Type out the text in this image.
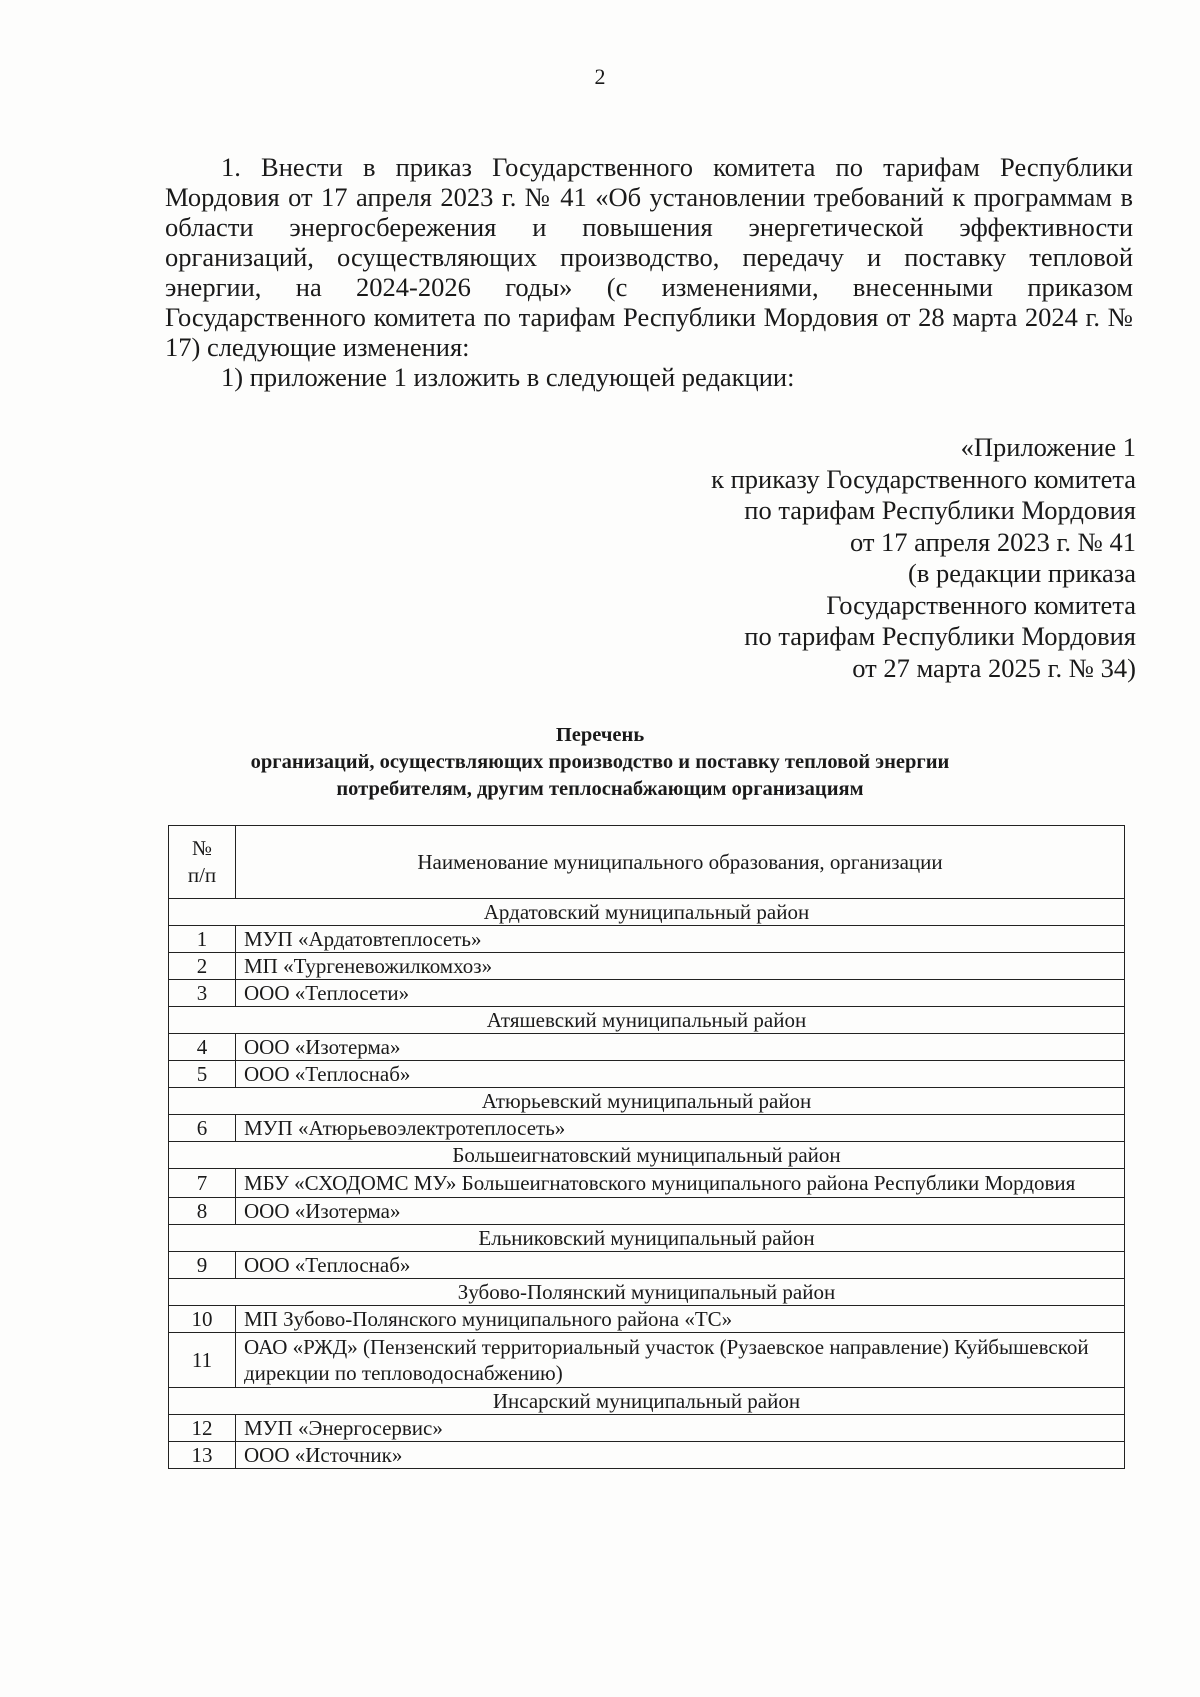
2

1. Внести в приказ Государственного комитета по тарифам Республики Мордовия от 17 апреля 2023 г. № 41 «Об установлении требований к программам в области энергосбережения и повышения энергетической эффективности организаций, осуществляющих производство, передачу и поставку тепловой энергии, на 2024-2026 годы» (с изменениями, внесенными приказом Государственного комитета по тарифам Республики Мордовия от 28 марта 2024 г. № 17) следующие изменения:

1) приложение 1 изложить в следующей редакции:

«Приложение 1
к приказу Государственного комитета
по тарифам Республики Мордовия
от 17 апреля 2023 г. № 41
(в редакции приказа
Государственного комитета
по тарифам Республики Мордовия
от 27 марта 2025 г. № 34)
Перечень
организаций, осуществляющих производство и поставку тепловой энергии
потребителям, другим теплоснабжающим организациям
№
п/п	Наименование муниципального образования, организации
Ардатовский муниципальный район	
1	МУП «Ардатовтеплосеть»
2	МП «Тургеневожилкомхоз»
3	ООО «Теплосети»
Атяшевский муниципальный район	
4	ООО «Изотерма»
5	ООО «Теплоснаб»
Атюрьевский муниципальный район	
6	МУП «Атюрьевоэлектротеплосеть»
Большеигнатовский муниципальный район	
7	МБУ «СХОДОМС МУ» Большеигнатовского муниципального района Республики Мордовия
8	ООО «Изотерма»
Ельниковский муниципальный район	
9	ООО «Теплоснаб»
Зубово-Полянский муниципальный район	
10	МП Зубово-Полянского муниципального района «ТС»
11	ОАО «РЖД» (Пензенский территориальный участок (Рузаевское направление) Куйбышевской дирекции по тепловодоснабжению)
Инсарский муниципальный район	
12	МУП «Энергосервис»
13	ООО «Источник»
